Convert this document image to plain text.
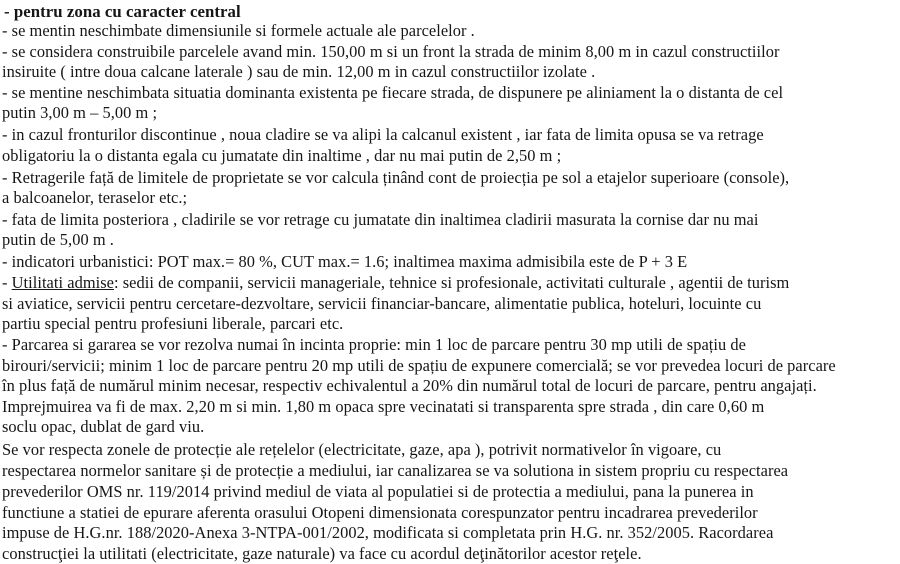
- pentru zona cu caracter central
- se mentin neschimbate dimensiunile si formele actuale ale parcelelor .
- se considera construibile parcelele avand min. 150,00 m si un front la strada de minim 8,00 m in cazul constructiilor
insiruite ( intre doua calcane laterale ) sau de min. 12,00 m in cazul constructiilor izolate .
- se mentine neschimbata situatia dominanta existenta pe fiecare strada, de dispunere pe aliniament la o distanta de cel
putin 3,00 m – 5,00 m ;
- in cazul fronturilor discontinue , noua cladire se va alipi la calcanul existent , iar fata de limita opusa se va retrage
obligatoriu la o distanta egala cu jumatate din inaltime , dar nu mai putin de 2,50 m ;
- Retragerile față de limitele de proprietate se vor calcula ținând cont de proiecția pe sol a etajelor superioare (console),
a balcoanelor, teraselor etc.;
- fata de limita posteriora , cladirile se vor retrage cu jumatate din inaltimea cladirii masurata la cornise dar nu mai
putin de 5,00 m .
- indicatori urbanistici: POT max.= 80 %, CUT max.= 1.6; inaltimea maxima admisibila este de P + 3 E
- Utilitati admise: sedii de companii, servicii manageriale, tehnice si profesionale, activitati culturale , agentii de turism
si aviatice, servicii pentru cercetare-dezvoltare, servicii financiar-bancare, alimentatie publica, hoteluri, locuinte cu
partiu special pentru profesiuni liberale, parcari etc.
- Parcarea si gararea se vor rezolva numai în incinta proprie: min 1 loc de parcare pentru 30 mp utili de spațiu de
birouri/servicii; minim 1 loc de parcare pentru 20 mp utili de spațiu de expunere comercială; se vor prevedea locuri de parcare
în plus față de numărul minim necesar, respectiv echivalentul a 20% din numărul total de locuri de parcare, pentru angajați.
Imprejmuirea va fi de max. 2,20 m si min. 1,80 m opaca spre vecinatati si transparenta spre strada , din care 0,60 m
soclu opac, dublat de gard viu.
Se vor respecta zonele de protecție ale rețelelor (electricitate, gaze, apa ), potrivit normativelor în vigoare, cu
respectarea normelor sanitare și de protecție a mediului, iar canalizarea se va solutiona in sistem propriu cu respectarea
prevederilor OMS nr. 119/2014 privind mediul de viata al populatiei si de protectia a mediului, pana la punerea in
functiune a statiei de epurare aferenta orasului Otopeni dimensionata corespunzator pentru incadrarea prevederilor
impuse de H.G.nr. 188/2020-Anexa 3-NTPA-001/2002, modificata si completata prin H.G. nr. 352/2005. Racordarea
construcţiei la utilitati (electricitate, gaze naturale) va face cu acordul deţinătorilor acestor reţele.
